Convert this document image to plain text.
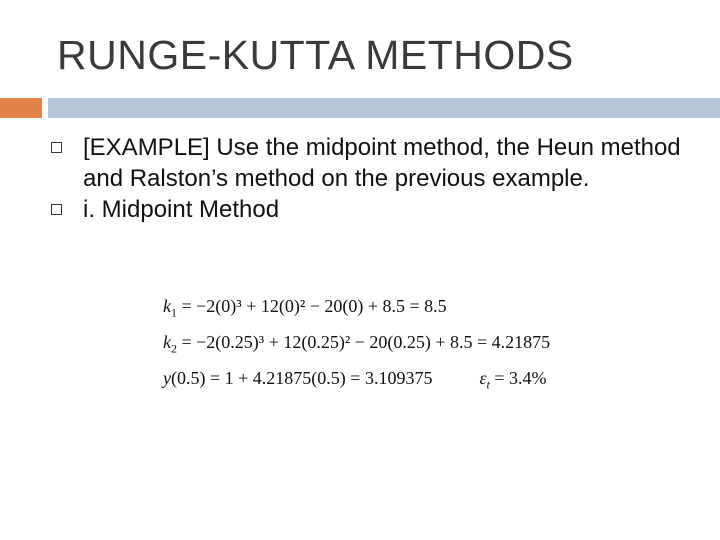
RUNGE-KUTTA METHODS
[EXAMPLE] Use the midpoint method, the Heun method and Ralston’s method on the previous example.
i. Midpoint Method
$k_1 = -2(0)^3 + 12(0)^2 - 20(0) + 8.5 = 8.5$
$k_2 = -2(0.25)^3 + 12(0.25)^2 - 20(0.25) + 8.5 = 4.21875$
y(0.5) = 1 + 4.21875(0.5) = 3.109375	$\varepsilon_t = 3.4\%$
